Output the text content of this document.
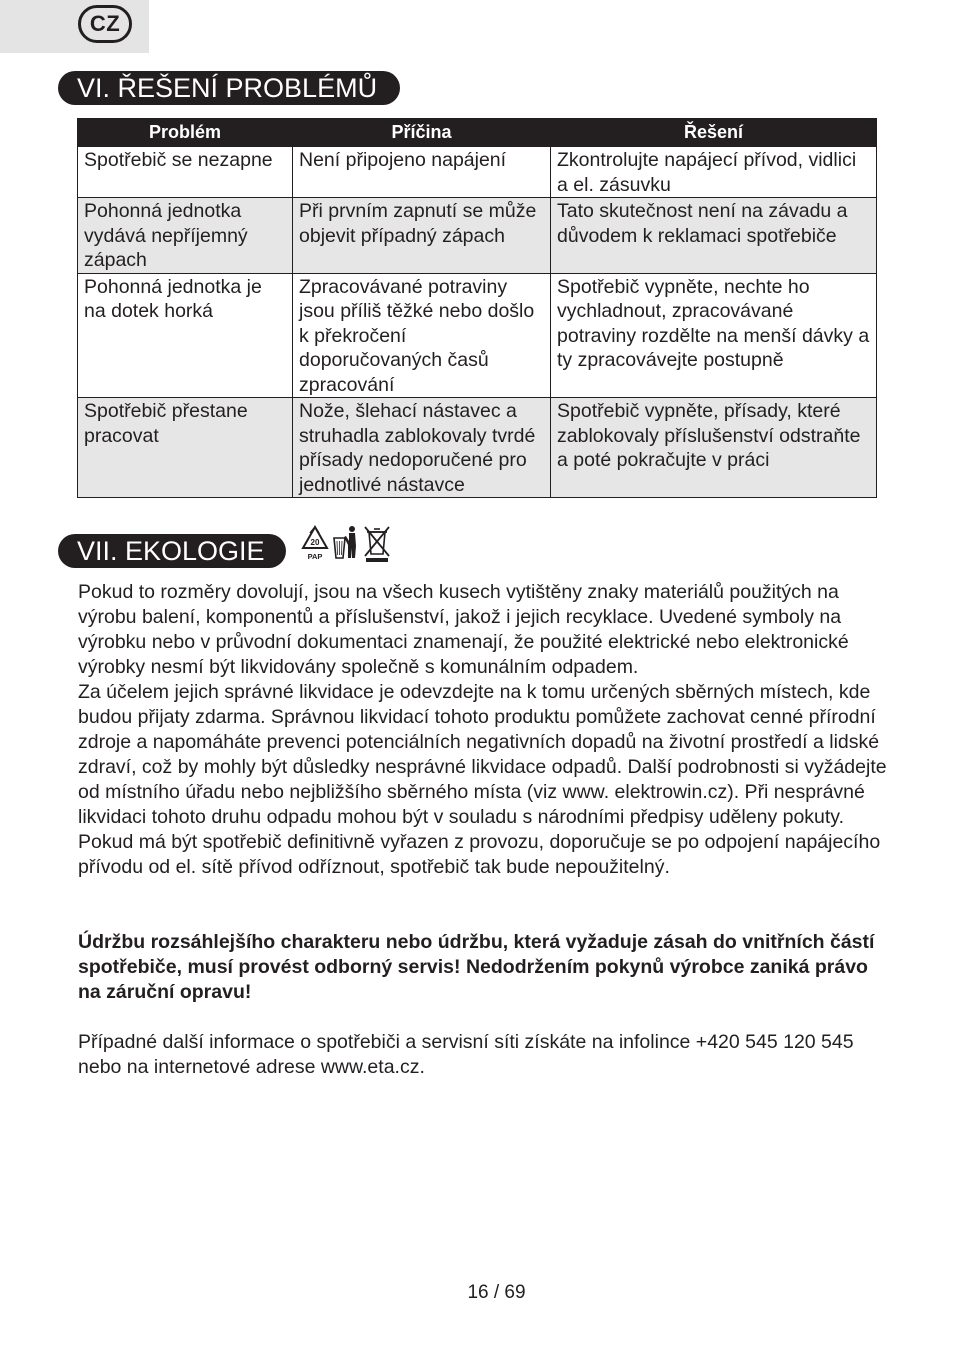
CZ
VI. ŘEŠENÍ PROBLÉMŮ
Problém	Příčina	Řešení
Spotřebič se nezapne	Není připojeno napájení	Zkontrolujte napájecí přívod, vidlici a el. zásuvku
Pohonná jednotka vydává nepříjemný zápach	Při prvním zapnutí se může objevit případný zápach	Tato skutečnost není na závadu a důvodem k reklamaci spotřebiče
Pohonná jednotka je na dotek horká	Zpracovávané potraviny jsou příliš těžké nebo došlo k překročení doporučovaných časů zpracování	Spotřebič vypněte, nechte ho vychladnout, zpracovávané potraviny rozdělte na menší dávky a ty zpracovávejte postupně
Spotřebič přestane pracovat	Nože, šlehací nástavec a struhadla zablokovaly tvrdé přísady nedoporučené pro jednotlivé nástavce	Spotřebič vypněte, přísady, které zablokovaly příslušenství odstraňte a poté pokračujte v práci
VII. EKOLOGIE	20
PAP

Pokud to rozměry dovolují, jsou na všech kusech vytištěny znaky materiálů použitých na výrobu balení, komponentů a příslušenství, jakož i jejich recyklace. Uvedené symboly na výrobku nebo v průvodní dokumentaci znamenají, že použité elektrické nebo elektronické výrobky nesmí být likvidovány společně s komunálním odpadem.

Za účelem jejich správné likvidace je odevzdejte na k tomu určených sběrných místech, kde budou přijaty zdarma. Správnou likvidací tohoto produktu pomůžete zachovat cenné přírodní zdroje a napomáháte prevenci potenciálních negativních dopadů na životní prostředí a lidské zdraví, což by mohly být důsledky nesprávné likvidace odpadů. Další podrobnosti si vyžádejte od místního úřadu nebo nejbližšího sběrného místa (viz www. elektrowin.cz). Při nesprávné likvidaci tohoto druhu odpadu mohou být v souladu s národními předpisy uděleny pokuty. Pokud má být spotřebič definitivně vyřazen z provozu, doporučuje se po odpojení napájecího přívodu od el. sítě přívod odříznout, spotřebič tak bude nepoužitelný.

Údržbu rozsáhlejšího charakteru nebo údržbu, která vyžaduje zásah do vnitřních částí spotřebiče, musí provést odborný servis! Nedodržením pokynů výrobce zaniká právo na záruční opravu!

Případné další informace o spotřebiči a servisní síti získáte na infolince +420 545 120 545 nebo na internetové adrese www.eta.cz.

16 / 69
